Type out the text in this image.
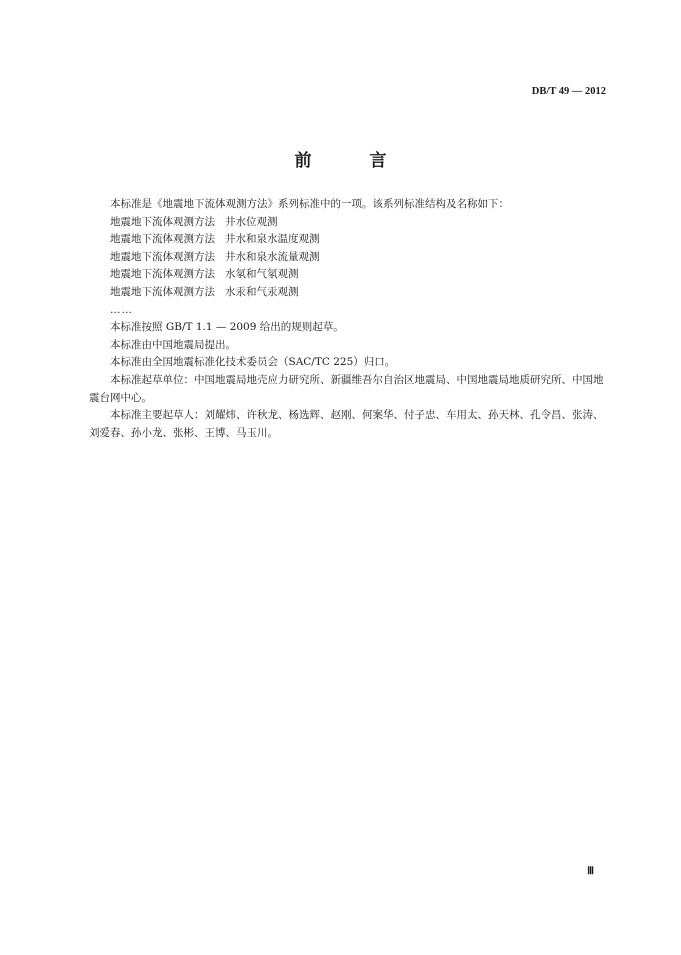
DB/T 49 — 2012
前 言

本标准是《地震地下流体观测方法》系列标准中的一项。该系列标准结构及名称如下：

地震地下流体观测方法   井水位观测

地震地下流体观测方法   井水和泉水温度观测

地震地下流体观测方法   井水和泉水流量观测

地震地下流体观测方法   水氡和气氡观测

地震地下流体观测方法   水汞和气汞观测

……

本标准按照 GB/T 1.1 — 2009 给出的规则起草。

本标准由中国地震局提出。

本标准由全国地震标准化技术委员会（SAC/TC 225）归口。

本标准起草单位：中国地震局地壳应力研究所、新疆维吾尔自治区地震局、中国地震局地质研究所、中国地震台网中心。

本标准主要起草人：刘耀炜、许秋龙、杨选辉、赵刚、何案华、付子忠、车用太、孙天林、孔令昌、张涛、刘爱春、孙小龙、张彬、王博、马玉川。

Ⅲ
